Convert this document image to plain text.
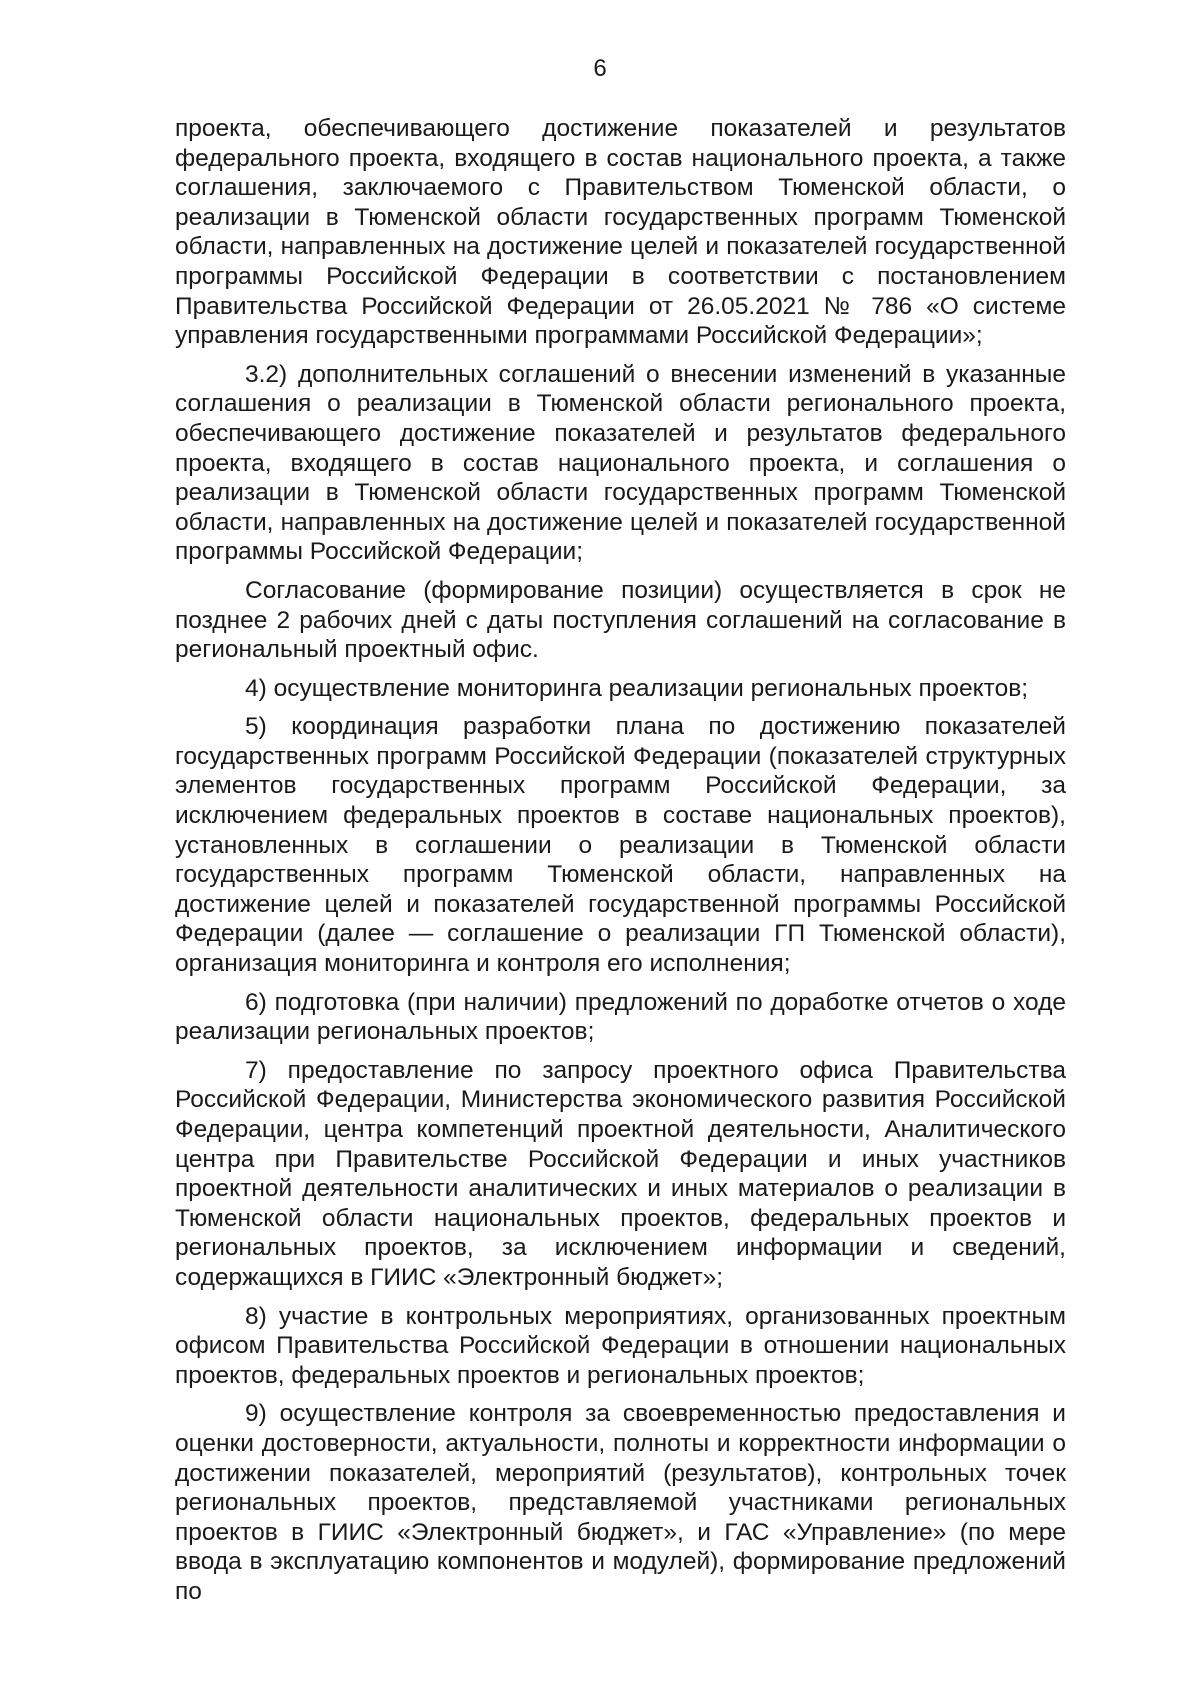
6

проекта, обеспечивающего достижение показателей и результатов федерального проекта, входящего в состав национального проекта, а также соглашения, заключаемого с Правительством Тюменской области, о реализации в Тюменской области государственных программ Тюменской области, направленных на достижение целей и показателей государственной программы Российской Федерации в соответствии с постановлением Правительства Российской Федерации от 26.05.2021 № 786 «О системе управления государственными программами Российской Федерации»;

3.2) дополнительных соглашений о внесении изменений в указанные соглашения о реализации в Тюменской области регионального проекта, обеспечивающего достижение показателей и результатов федерального проекта, входящего в состав национального проекта, и соглашения о реализации в Тюменской области государственных программ Тюменской области, направленных на достижение целей и показателей государственной программы Российской Федерации;

Согласование (формирование позиции) осуществляется в срок не позднее 2 рабочих дней с даты поступления соглашений на согласование в региональный проектный офис.

4) осуществление мониторинга реализации региональных проектов;

5) координация разработки плана по достижению показателей государственных программ Российской Федерации (показателей структурных элементов государственных программ Российской Федерации, за исключением федеральных проектов в составе национальных проектов), установленных в соглашении о реализации в Тюменской области государственных программ Тюменской области, направленных на достижение целей и показателей государственной программы Российской Федерации (далее — соглашение о реализации ГП Тюменской области), организация мониторинга и контроля его исполнения;

6) подготовка (при наличии) предложений по доработке отчетов о ходе реализации региональных проектов;

7) предоставление по запросу проектного офиса Правительства Российской Федерации, Министерства экономического развития Российской Федерации, центра компетенций проектной деятельности, Аналитического центра при Правительстве Российской Федерации и иных участников проектной деятельности аналитических и иных материалов о реализации в Тюменской области национальных проектов, федеральных проектов и региональных проектов, за исключением информации и сведений, содержащихся в ГИИС «Электронный бюджет»;

8) участие в контрольных мероприятиях, организованных проектным офисом Правительства Российской Федерации в отношении национальных проектов, федеральных проектов и региональных проектов;

9) осуществление контроля за своевременностью предоставления и оценки достоверности, актуальности, полноты и корректности информации о достижении показателей, мероприятий (результатов), контрольных точек региональных проектов, представляемой участниками региональных проектов в ГИИС «Электронный бюджет», и ГАС «Управление» (по мере ввода в эксплуатацию компонентов и модулей), формирование предложений по
